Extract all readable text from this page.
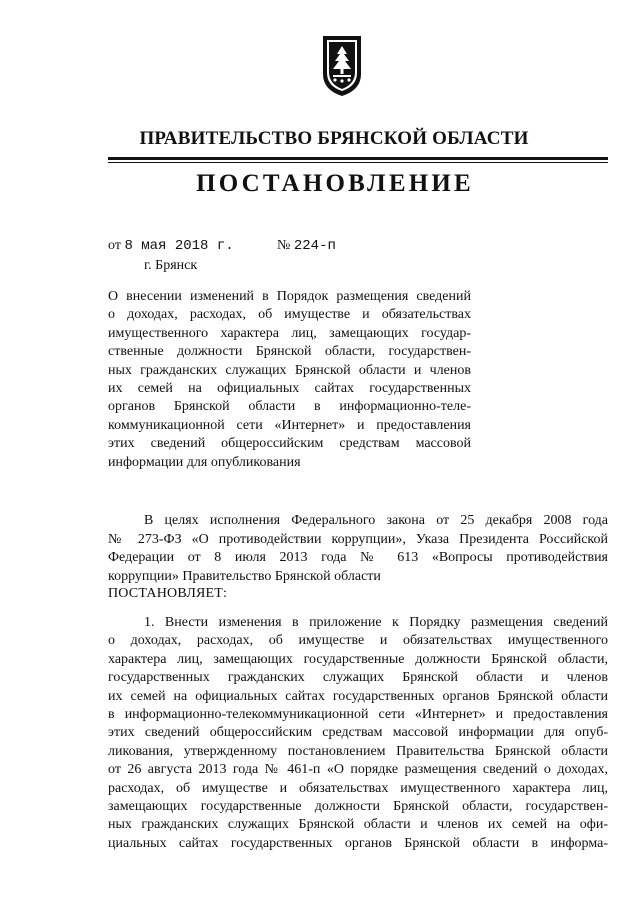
ПРАВИТЕЛЬСТВО БРЯНСКОЙ ОБЛАСТИ
ПОСТАНОВЛЕНИЕ
от 8 мая 2018 г.	№ 224-п
г. Брянск
О внесении изменений в Порядок размещения сведений
о доходах, расходах, об имуществе и обязательствах
имущественного характера лиц, замещающих государ-
ственные должности Брянской области, государствен-
ных гражданских служащих Брянской области и членов
их семей на официальных сайтах государственных
органов Брянской области в информационно-теле-
коммуникационной сети «Интернет» и предоставления
этих сведений общероссийским средствам массовой
информации для опубликования
В целях исполнения Федерального закона от 25 декабря 2008 года
№ 273-ФЗ «О противодействии коррупции», Указа Президента Российской
Федерации от 8 июля 2013 года № 613 «Вопросы противодействия
коррупции» Правительство Брянской области
ПОСТАНОВЛЯЕТ:
1. Внести изменения в приложение к Порядку размещения сведений
о доходах, расходах, об имуществе и обязательствах имущественного
характера лиц, замещающих государственные должности Брянской области,
государственных гражданских служащих Брянской области и членов
их семей на официальных сайтах государственных органов Брянской области
в информационно-телекоммуникационной сети «Интернет» и предоставления
этих сведений общероссийским средствам массовой информации для опуб-
ликования, утвержденному постановлением Правительства Брянской области
от 26 августа 2013 года № 461-п «О порядке размещения сведений о доходах,
расходах, об имуществе и обязательствах имущественного характера лиц,
замещающих государственные должности Брянской области, государствен-
ных гражданских служащих Брянской области и членов их семей на офи-
циальных сайтах государственных органов Брянской области в информа-
